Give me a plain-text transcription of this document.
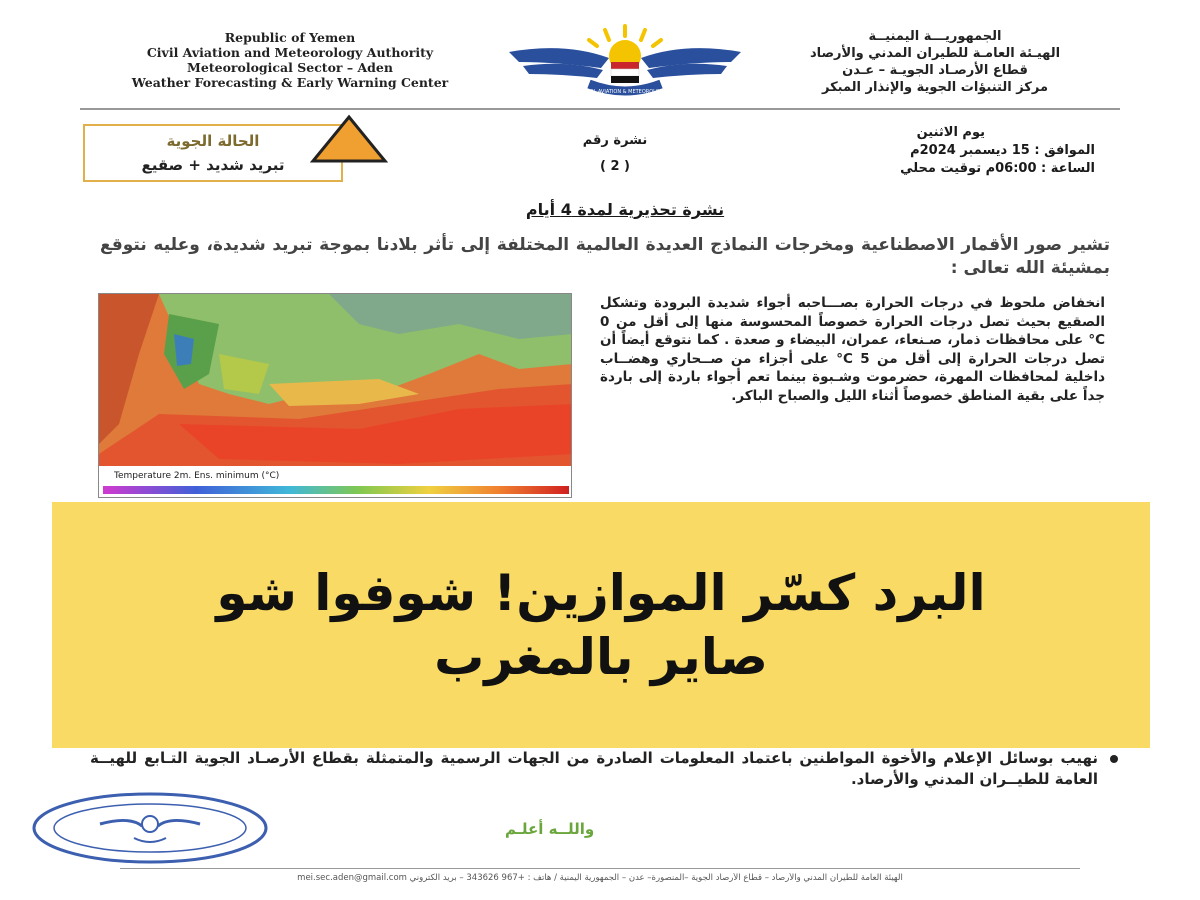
Republic of Yemen
Civil Aviation and Meteorology Authority
Meteorological Sector – Aden
Weather Forecasting & Early Warning Center
CIVIL AVIATION & METEOROLOGY
الجمهوريـــة اليمنيــة
الهيـئة العامـة للطيران المدني والأرصاد
قطاع الأرصـاد الجويـة – عـدن
مركز التنبؤات الجوية والإنذار المبكر
الحالة الجوية
تبريد شديد + صقيع
نشرة رقم
( 2 )
يوم الاثنين
الموافق : 15 ديسمبر 2024م
الساعة : 06:00م توقيت محلي
نشرة تحذيرية لمدة 4 أيام
تشير صور الأقمار الاصطناعية ومخرجات النماذج العديدة العالمية المختلفة إلى تأثر بلادنا بموجة تبريد شديدة، وعليه نتوقع بمشيئة الله تعالى :
Temperature 2m. Ens. minimum (°C)
انخفاض ملحوظ في درجات الحرارة بصـــاحبه أجواء شديدة البرودة وتشكل الصقيع بحيث تصل درجات الحرارة خصوصاً المحسوسة منها إلى أقل من 0 C° على محافظات ذمار، صـنعاء، عمران، البيضاء و صعدة . كما نتوقع أيضاً أن تصل درجات الحرارة إلى أقل من 5 C° على أجزاء من صــحاري وهضــاب داخلية لمحافظات المهرة، حضرموت وشـبوة بينما تعم أجواء باردة إلى باردة جداً على بقية المناطق خصوصاً أثناء الليل والصباح الباكر.
نهيب بوسائل الإعلام والأخوة المواطنين باعتماد المعلومات الصادرة من الجهات الرسمية والمتمثلة بقطاع الأرصـاد الجوية التـابع للهيــة العامة للطيــران المدني والأرصاد.
واللــه أعلـم
الهيئة العامة للطيران المدني والأرصاد – قطاع الأرصاد الجوية –المنصورة– عدن – الجمهورية اليمنية / هاتف : +967 343626 – بريد الكتروني mei.sec.aden@gmail.com
البرد كسّر الموازين! شوفوا شو صاير بالمغرب
